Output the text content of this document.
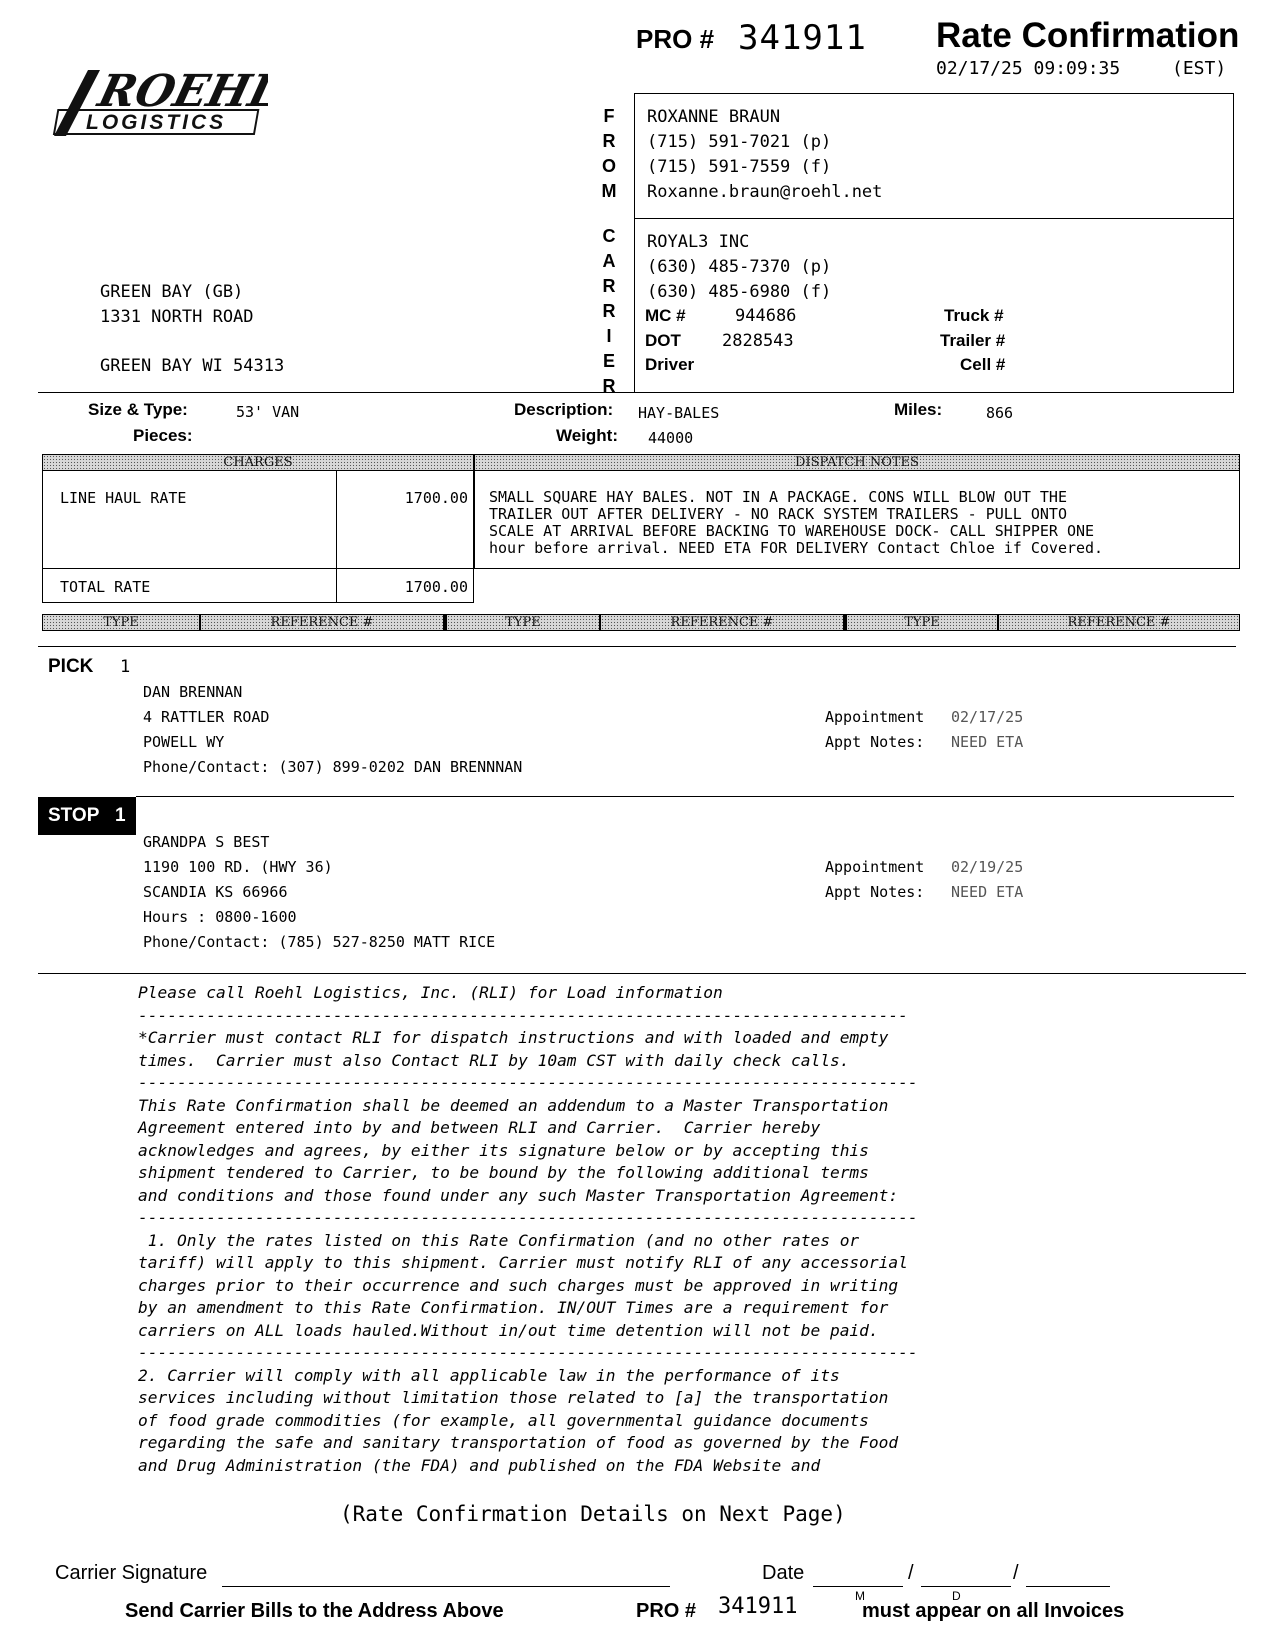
ROEHL
LOGISTICS
PRO # 341911 Rate Confirmation
02/17/25 09:09:35	(EST)
F
R
O
M
C
A
R
R
I
E
R
ROXANNE BRAUN
(715) 591-7021 (p)
(715) 591-7559 (f)
Roxanne.braun@roehl.net
ROYAL3 INC
(630) 485-7370 (p)
(630) 485-6980 (f)
MC #	944686
DOT 2828543
Driver
Truck #
Trailer #
Cell #
GREEN BAY (GB)
1331 NORTH ROAD
GREEN BAY WI 54313
Size & Type:	53' VAN
Pieces:
Description: HAY-BALES
Weight: 44000
Miles:	866
CHARGES	DISPATCH NOTES
LINE HAUL RATE	1700.00
TOTAL RATE	1700.00
SMALL SQUARE HAY BALES. NOT IN A PACKAGE. CONS WILL BLOW OUT THE
TRAILER OUT AFTER DELIVERY - NO RACK SYSTEM TRAILERS - PULL ONTO
SCALE AT ARRIVAL BEFORE BACKING TO WAREHOUSE DOCK- CALL SHIPPER ONE
hour before arrival. NEED ETA FOR DELIVERY Contact Chloe if Covered.
TYPE	REFERENCE #	TYPE	REFERENCE #	TYPE	REFERENCE #
PICK 1
DAN BRENNAN
4 RATTLER ROAD
POWELL WY
Phone/Contact: (307) 899-0202 DAN BRENNNAN
Appointment 02/17/25
Appt Notes: NEED ETA
STOP 1
GRANDPA S BEST
1190 100 RD. (HWY 36)
SCANDIA KS 66966
Hours : 0800-1600
Phone/Contact: (785) 527-8250 MATT RICE
Appointment 02/19/25
Appt Notes: NEED ETA
Please call Roehl Logistics, Inc. (RLI) for Load information
-------------------------------------------------------------------------------
*Carrier must contact RLI for dispatch instructions and with loaded and empty
times.  Carrier must also Contact RLI by 10am CST with daily check calls.
--------------------------------------------------------------------------------
This Rate Confirmation shall be deemed an addendum to a Master Transportation
Agreement entered into by and between RLI and Carrier.  Carrier hereby
acknowledges and agrees, by either its signature below or by accepting this
shipment tendered to Carrier, to be bound by the following additional terms
and conditions and those found under any such Master Transportation Agreement:
--------------------------------------------------------------------------------
1. Only the rates listed on this Rate Confirmation (and no other rates or
tariff) will apply to this shipment. Carrier must notify RLI of any accessorial
charges prior to their occurrence and such charges must be approved in writing
by an amendment to this Rate Confirmation. IN/OUT Times are a requirement for
carriers on ALL loads hauled.Without in/out time detention will not be paid.
--------------------------------------------------------------------------------
2. Carrier will comply with all applicable law in the performance of its
services including without limitation those related to [a] the transportation
of food grade commodities (for example, all governmental guidance documents
regarding the safe and sanitary transportation of food as governed by the Food
and Drug Administration (the FDA) and published on the FDA Website and
(Rate Confirmation Details on Next Page)
Carrier Signature	Date	/	/
M	D
Send Carrier Bills to the Address Above	PRO # 341911	must appear on all Invoices
